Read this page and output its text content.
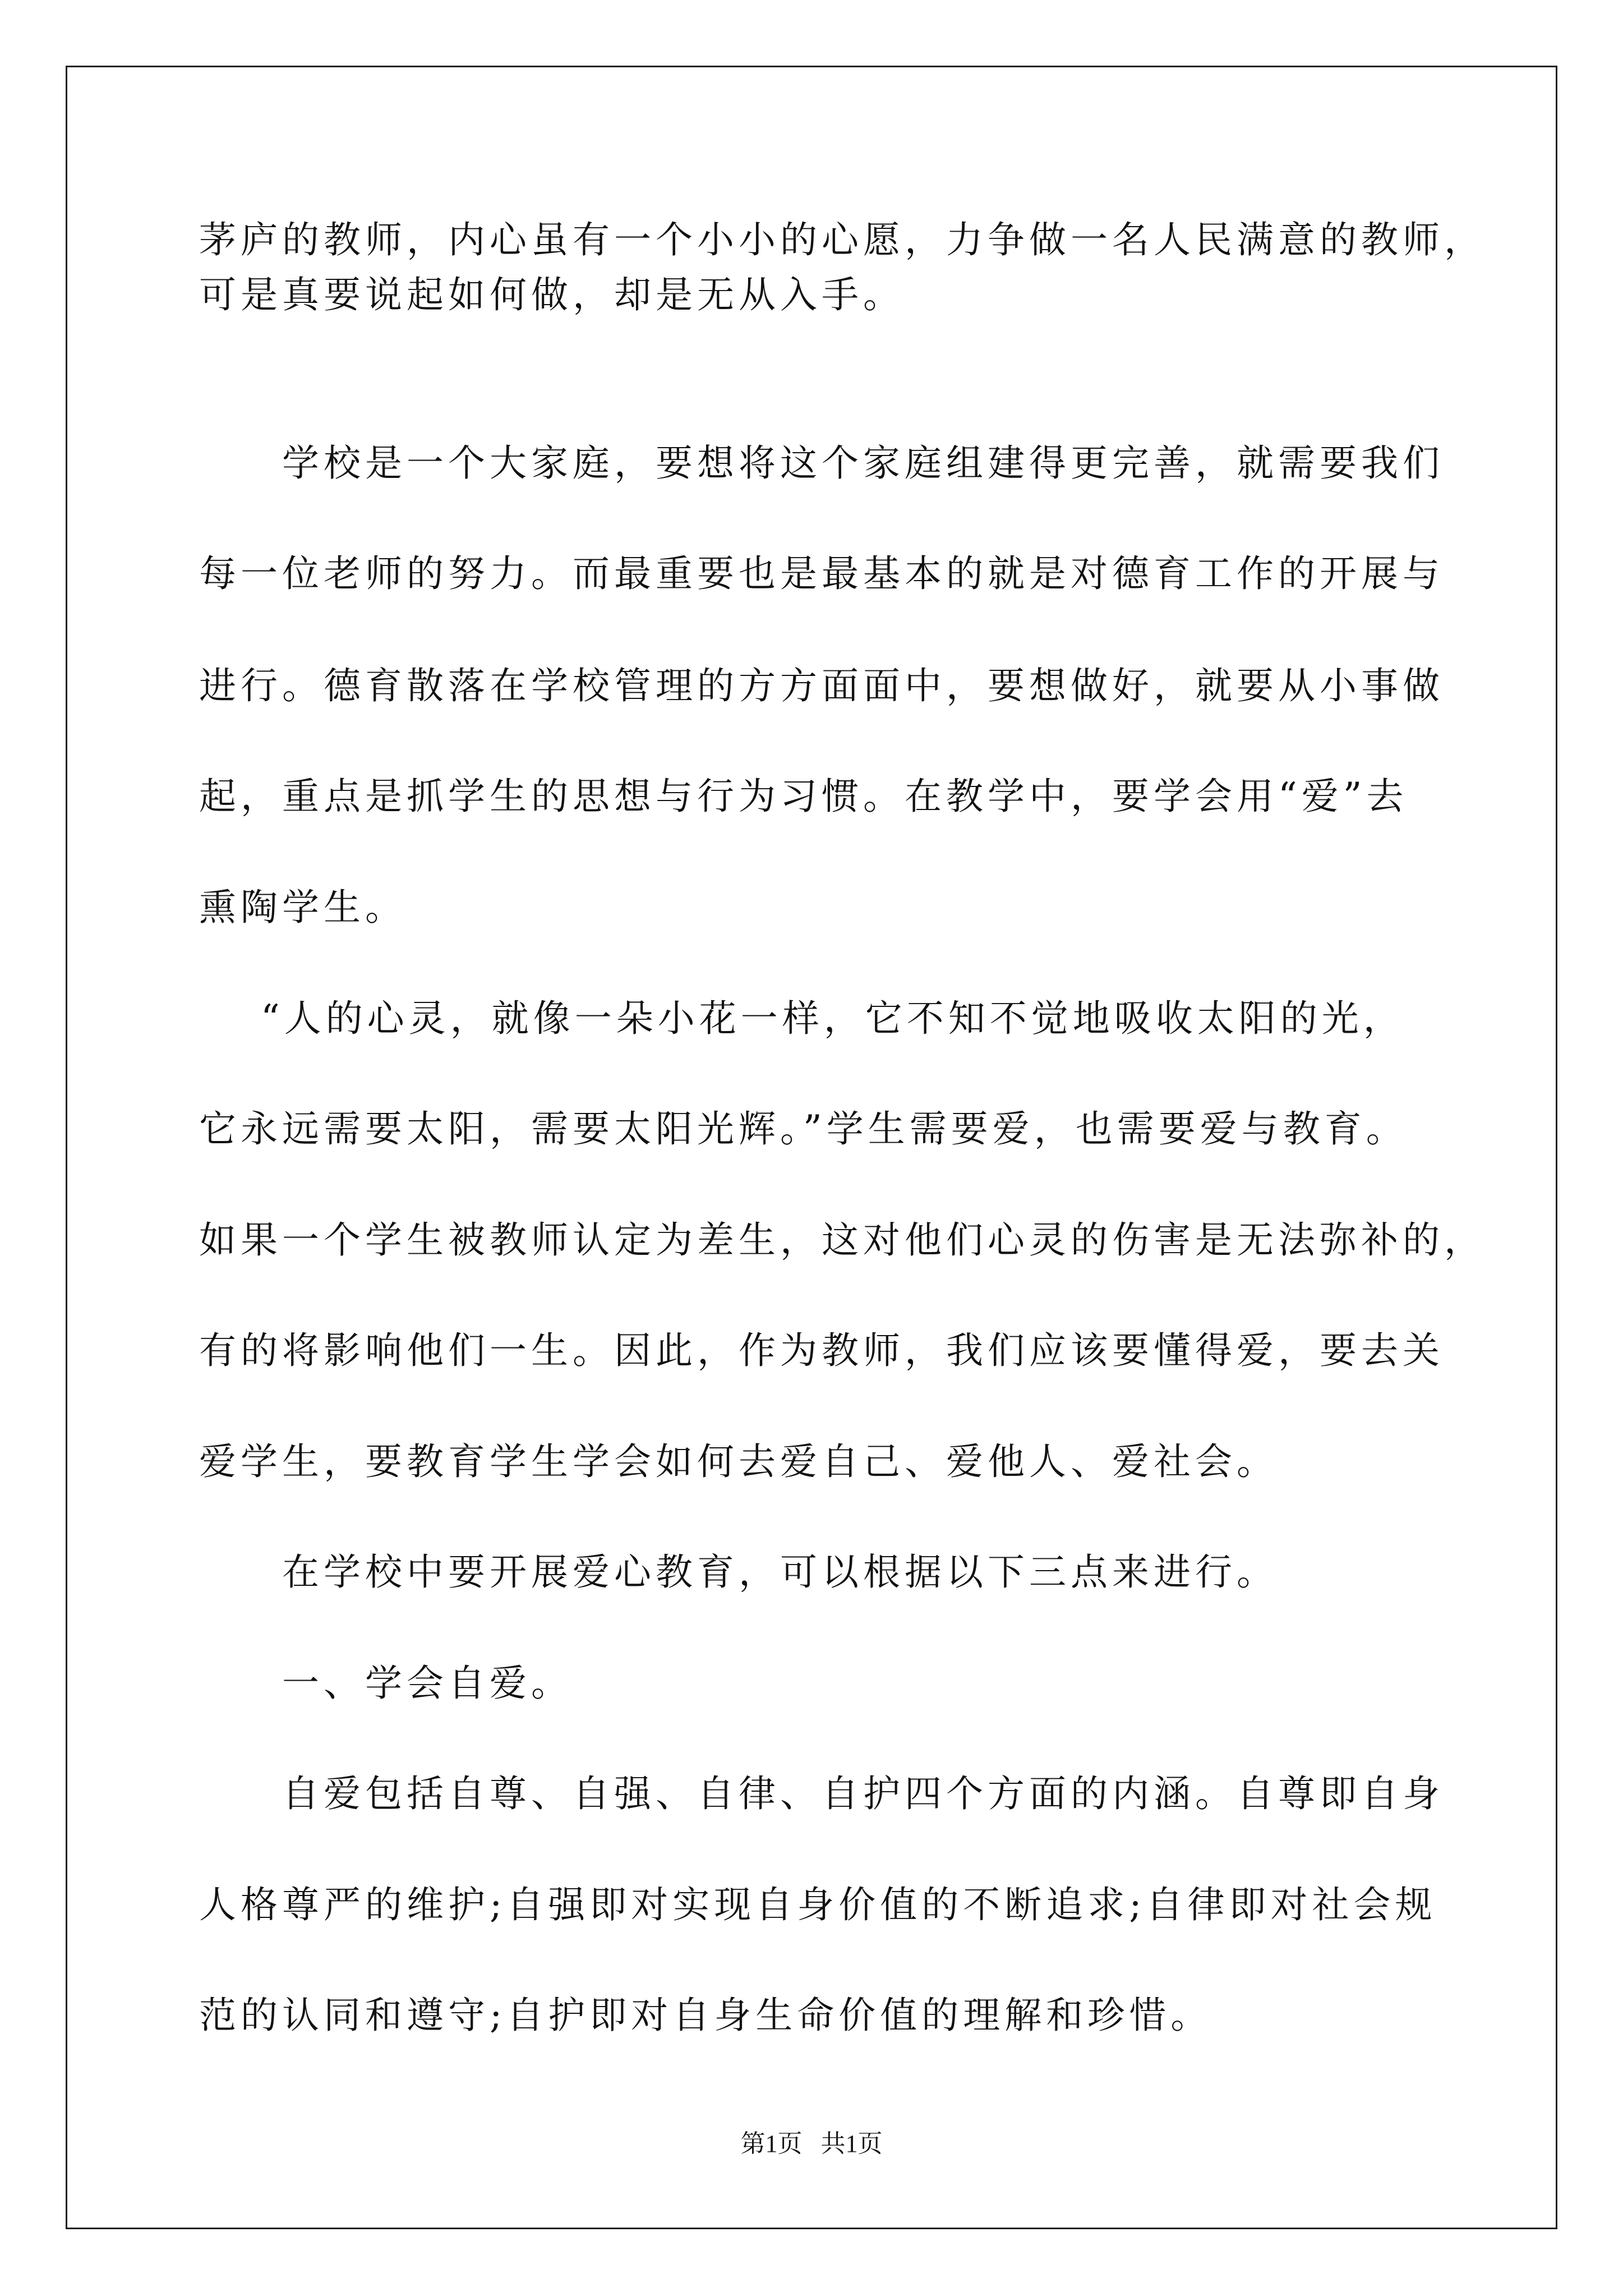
茅庐的教师，内心虽有一个小小的心愿，力争做一名人民满意的教师，
可是真要说起如何做，却是无从入手。
学校是一个大家庭，要想将这个家庭组建得更完善，就需要我们
每一位老师的努力。而最重要也是最基本的就是对德育工作的开展与
进行。德育散落在学校管理的方方面面中，要想做好，就要从小事做
起，重点是抓学生的思想与行为习惯。在教学中，要学会用“爱”去
熏陶学生。
“人的心灵，就像一朵小花一样，它不知不觉地吸收太阳的光，
它永远需要太阳，需要太阳光辉。”学生需要爱，也需要爱与教育。
如果一个学生被教师认定为差生，这对他们心灵的伤害是无法弥补的，
有的将影响他们一生。因此，作为教师，我们应该要懂得爱，要去关
爱学生，要教育学生学会如何去爱自己、爱他人、爱社会。
在学校中要开展爱心教育，可以根据以下三点来进行。
一、学会自爱。
自爱包括自尊、自强、自律、自护四个方面的内涵。自尊即自身
人格尊严的维护;自强即对实现自身价值的不断追求;自律即对社会规
范的认同和遵守;自护即对自身生命价值的理解和珍惜。
第1页   共1页
